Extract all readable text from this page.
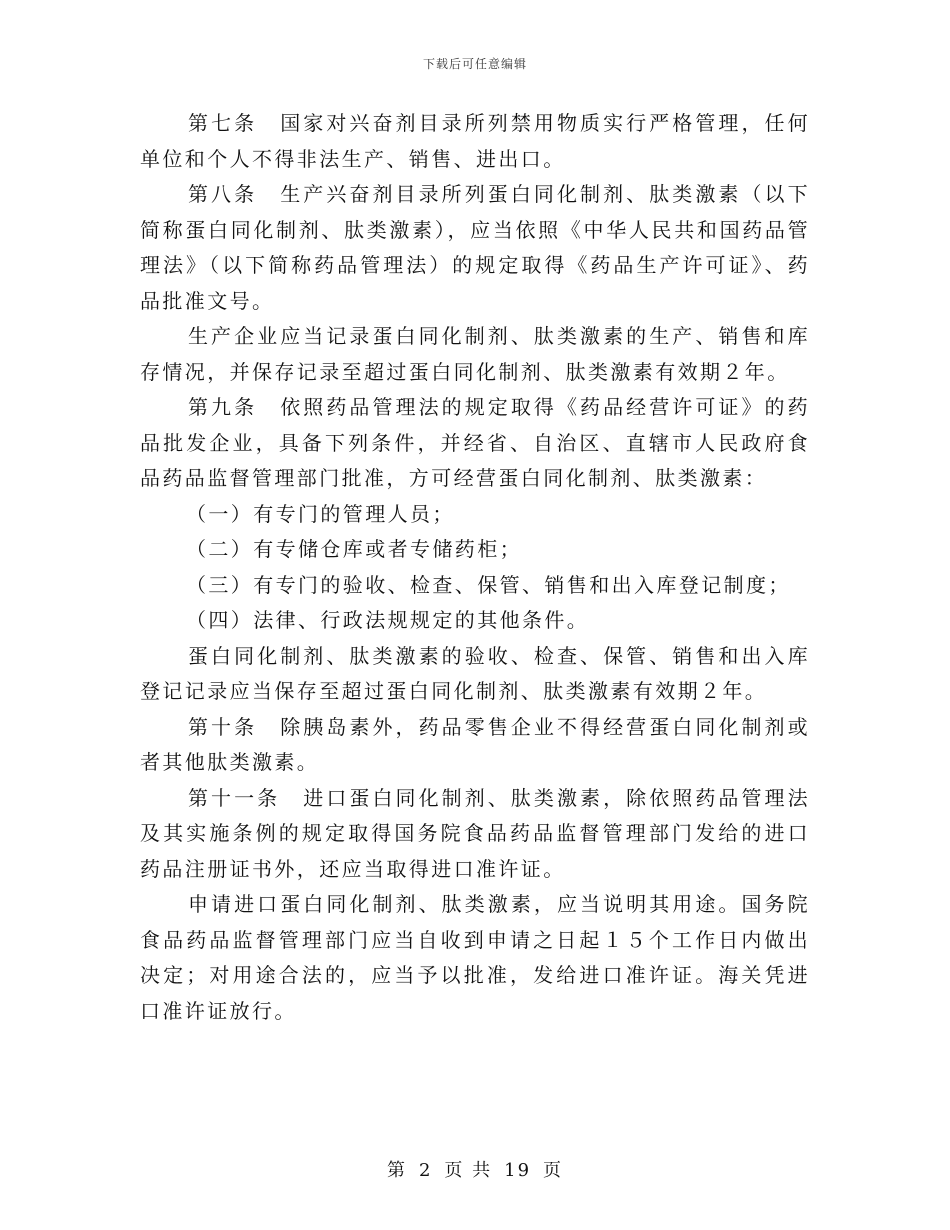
下载后可任意编辑

第七条　国家对兴奋剂目录所列禁用物质实行严格管理，任何单位和个人不得非法生产、销售、进出口。

第八条　生产兴奋剂目录所列蛋白同化制剂、肽类激素（以下简称蛋白同化制剂、肽类激素），应当依照《中华人民共和国药品管理法》（以下简称药品管理法）的规定取得《药品生产许可证》、药品批准文号。

生产企业应当记录蛋白同化制剂、肽类激素的生产、销售和库存情况，并保存记录至超过蛋白同化制剂、肽类激素有效期２年。

第九条　依照药品管理法的规定取得《药品经营许可证》的药品批发企业，具备下列条件，并经省、自治区、直辖市人民政府食品药品监督管理部门批准，方可经营蛋白同化制剂、肽类激素：

（一）有专门的管理人员；

（二）有专储仓库或者专储药柜；

（三）有专门的验收、检查、保管、销售和出入库登记制度；

（四）法律、行政法规规定的其他条件。

蛋白同化制剂、肽类激素的验收、检查、保管、销售和出入库登记记录应当保存至超过蛋白同化制剂、肽类激素有效期２年。

第十条　除胰岛素外，药品零售企业不得经营蛋白同化制剂或者其他肽类激素。

第十一条　进口蛋白同化制剂、肽类激素，除依照药品管理法及其实施条例的规定取得国务院食品药品监督管理部门发给的进口药品注册证书外，还应当取得进口准许证。

申请进口蛋白同化制剂、肽类激素，应当说明其用途。国务院食品药品监督管理部门应当自收到申请之日起１５个工作日内做出决定；对用途合法的，应当予以批准，发给进口准许证。海关凭进口准许证放行。

第 2 页 共 19 页
